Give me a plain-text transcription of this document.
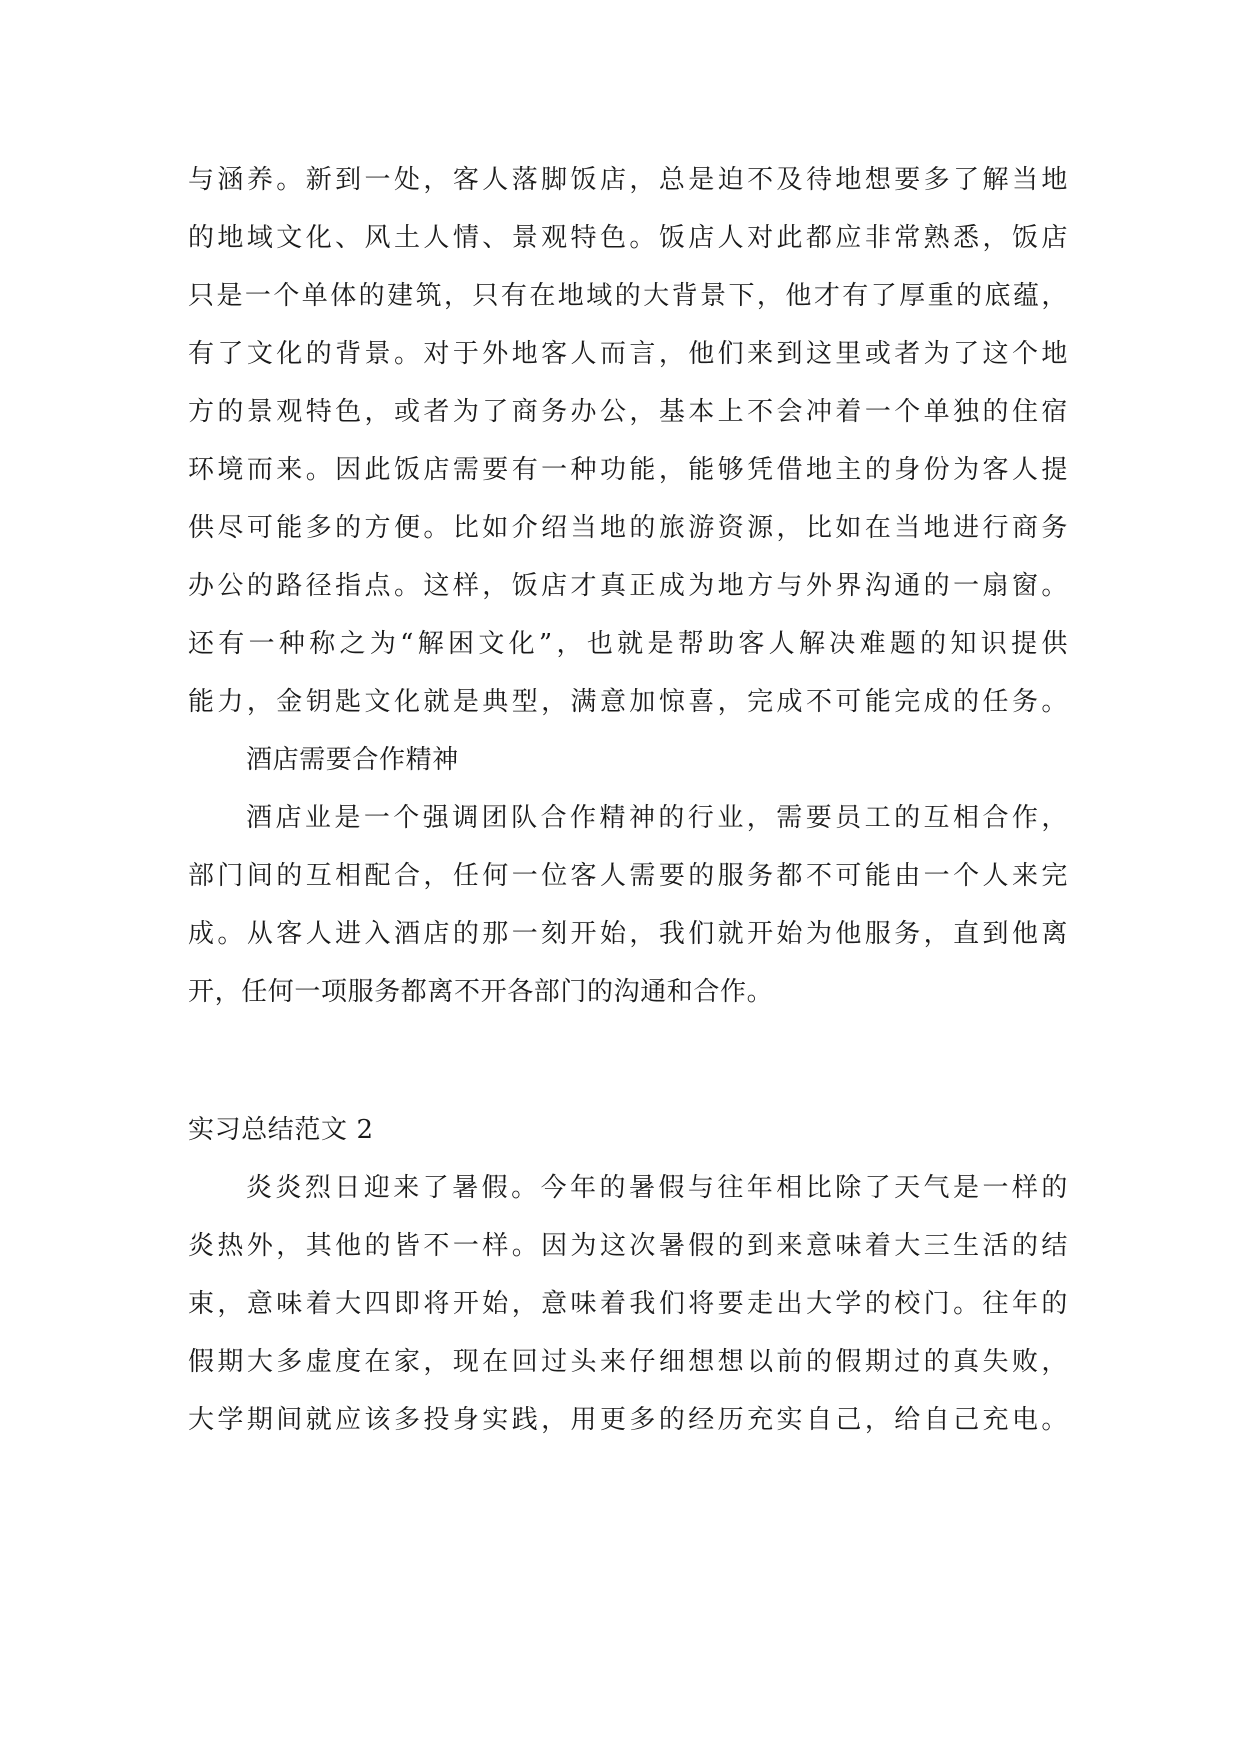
与涵养。新到一处，客人落脚饭店，总是迫不及待地想要多了解当地
的地域文化、风土人情、景观特色。饭店人对此都应非常熟悉，饭店
只是一个单体的建筑，只有在地域的大背景下，他才有了厚重的底蕴，
有了文化的背景。对于外地客人而言，他们来到这里或者为了这个地
方的景观特色，或者为了商务办公，基本上不会冲着一个单独的住宿
环境而来。因此饭店需要有一种功能，能够凭借地主的身份为客人提
供尽可能多的方便。比如介绍当地的旅游资源，比如在当地进行商务
办公的路径指点。这样，饭店才真正成为地方与外界沟通的一扇窗。
还有一种称之为“解困文化”，也就是帮助客人解决难题的知识提供
能力，金钥匙文化就是典型，满意加惊喜，完成不可能完成的任务。
酒店需要合作精神
酒店业是一个强调团队合作精神的行业，需要员工的互相合作，
部门间的互相配合，任何一位客人需要的服务都不可能由一个人来完
成。从客人进入酒店的那一刻开始，我们就开始为他服务，直到他离
开，任何一项服务都离不开各部门的沟通和合作。
实习总结范文 2
炎炎烈日迎来了暑假。今年的暑假与往年相比除了天气是一样的
炎热外，其他的皆不一样。因为这次暑假的到来意味着大三生活的结
束，意味着大四即将开始，意味着我们将要走出大学的校门。往年的
假期大多虚度在家，现在回过头来仔细想想以前的假期过的真失败，
大学期间就应该多投身实践，用更多的经历充实自己，给自己充电。
